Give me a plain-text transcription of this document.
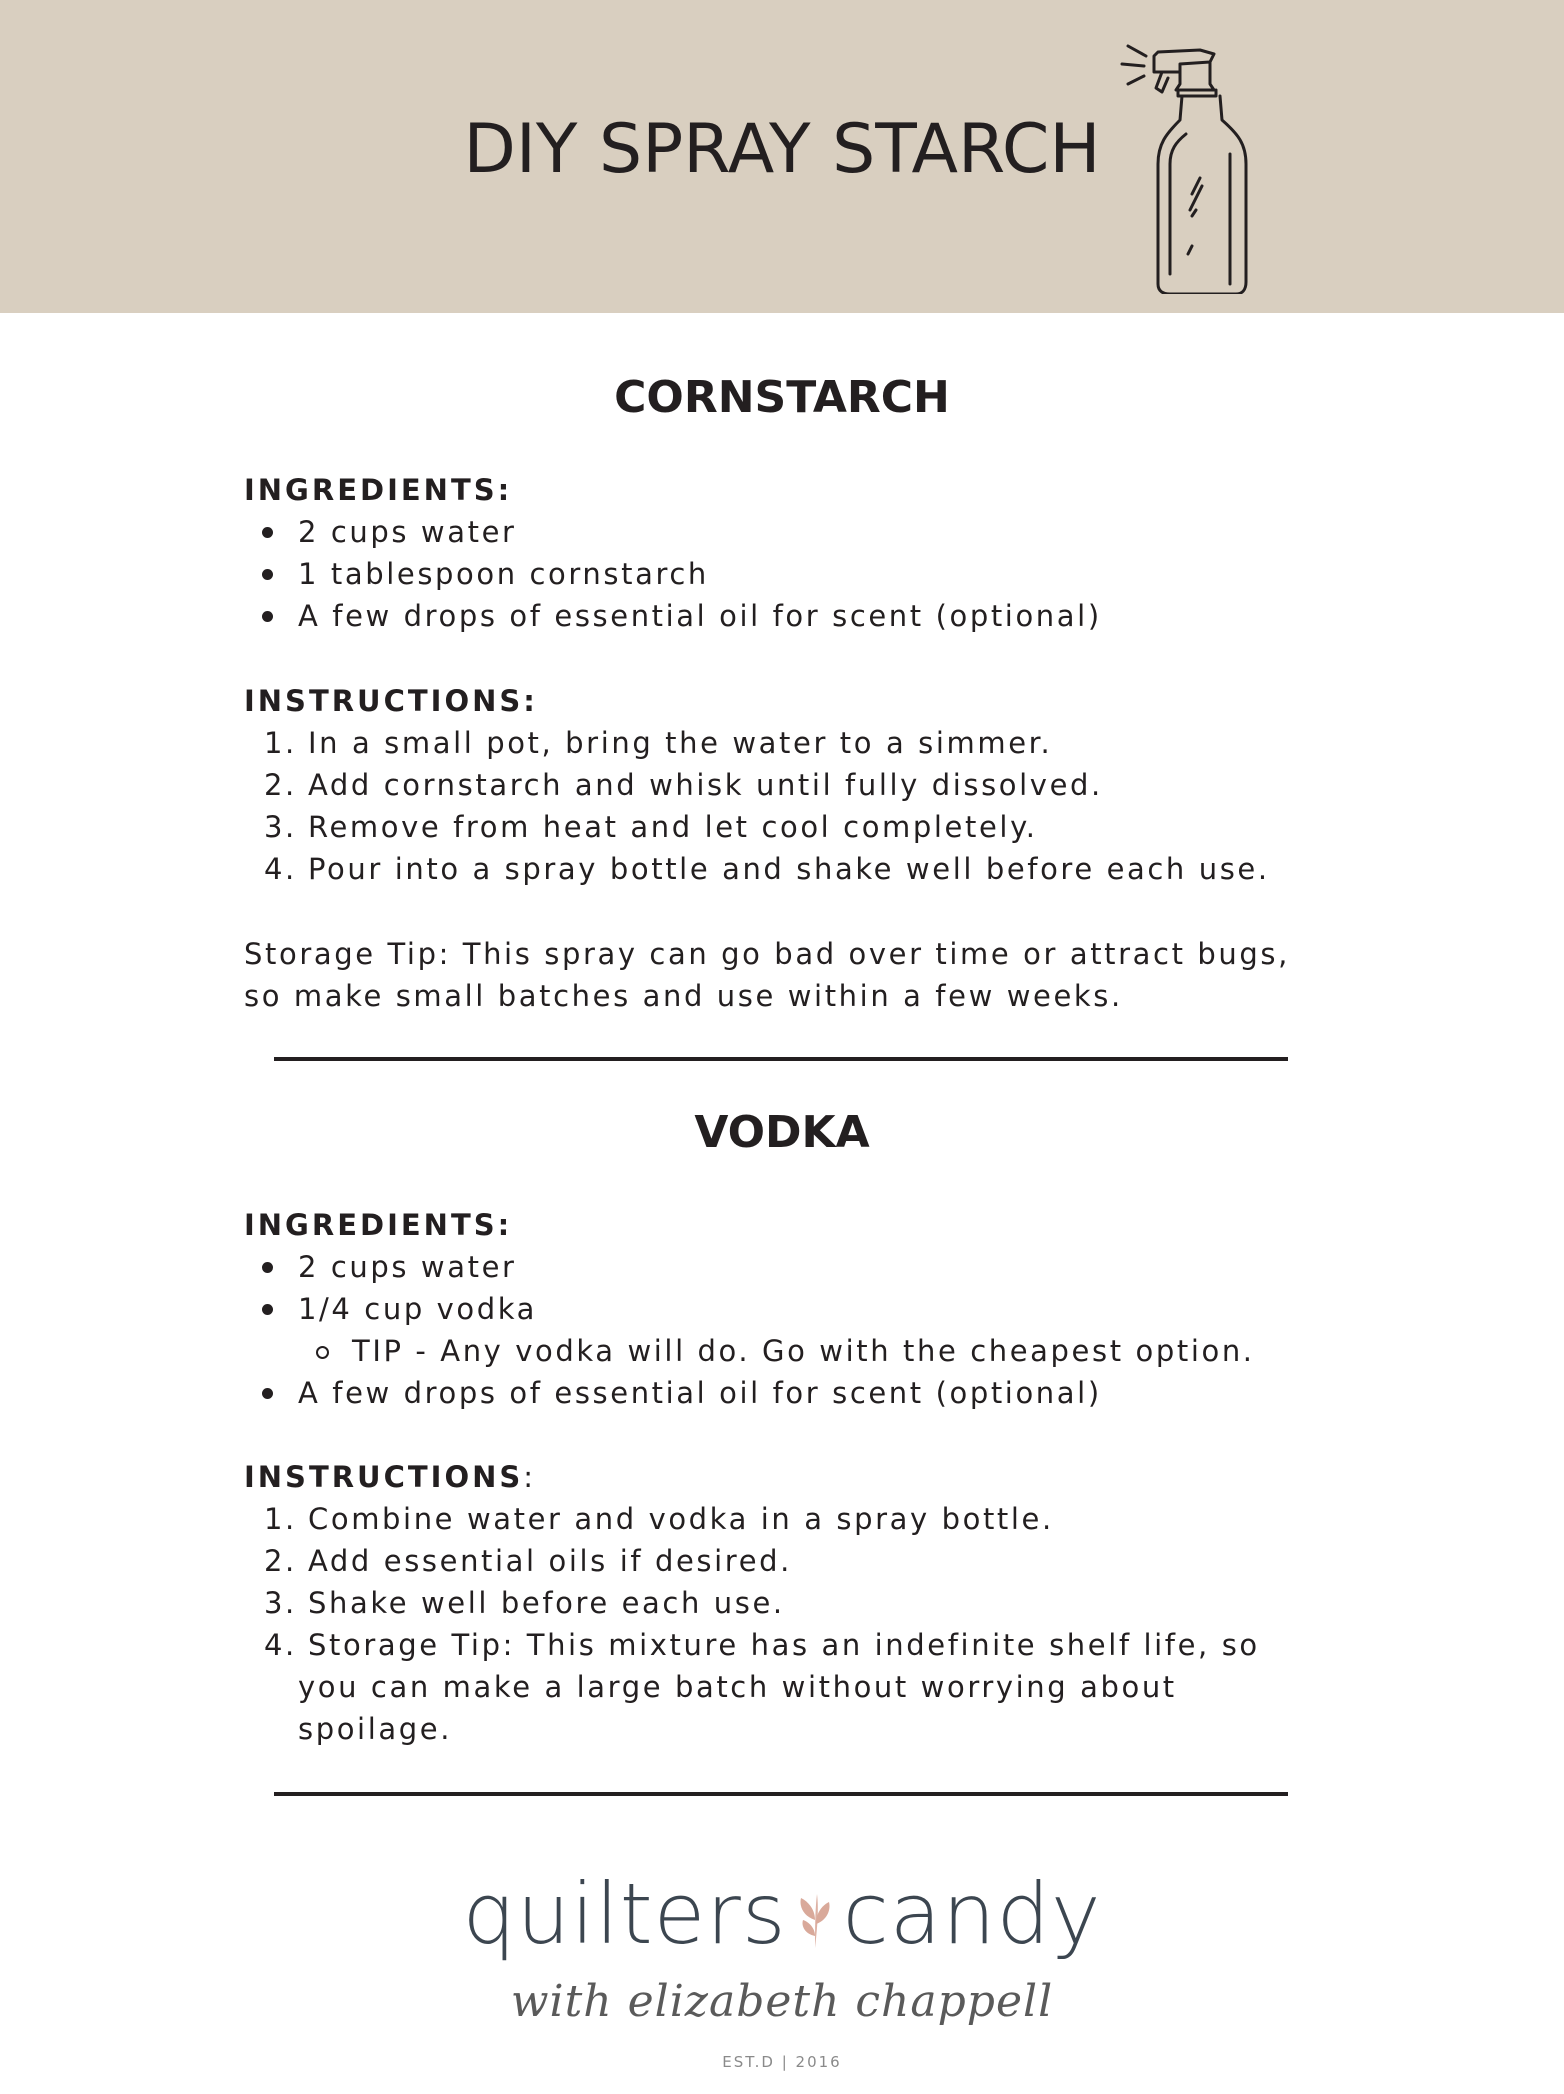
DIY SPRAY STARCH
CORNSTARCH
INGREDIENTS:
2 cups water
1 tablespoon cornstarch
A few drops of essential oil for scent (optional)
INSTRUCTIONS:
1. In a small pot, bring the water to a simmer.
2. Add cornstarch and whisk until fully dissolved.
3. Remove from heat and let cool completely.
4. Pour into a spray bottle and shake well before each use.
Storage Tip: This spray can go bad over time or attract bugs,
so make small batches and use within a few weeks.
VODKA
INGREDIENTS:
2 cups water
1/4 cup vodka
TIP - Any vodka will do. Go with the cheapest option.
A few drops of essential oil for scent (optional)
INSTRUCTIONS:
1. Combine water and vodka in a spray bottle.
2. Add essential oils if desired.
3. Shake well before each use.
4. Storage Tip: This mixture has an indefinite shelf life, so
you can make a large batch without worrying about
spoilage.
quilters candy
with elizabeth chappell
EST.D | 2016
